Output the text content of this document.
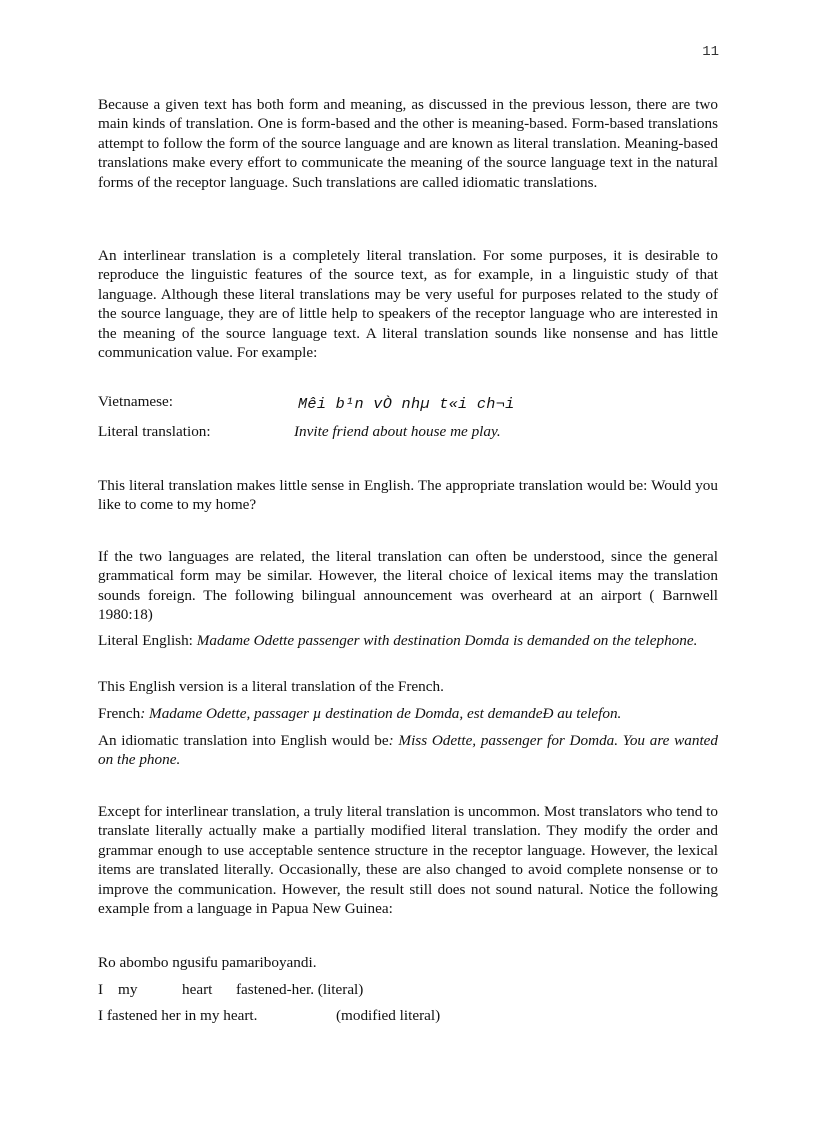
11

Because a given text has both form and meaning, as discussed in the previous lesson, there are two main kinds of translation. One is form-based and the other is meaning-based. Form-based translations attempt to follow the form of the source language and are known as literal translation. Meaning-based translations make every effort to communicate the meaning of the source language text in the natural forms of the receptor language. Such translations are called idiomatic translations.

An interlinear translation is a completely literal translation. For some purposes, it is desirable to reproduce the linguistic features of the source text, as for example, in a linguistic study of that language. Although these literal translations may be very useful for purposes related to the study of the source language, they are of little help to speakers of the receptor language who are interested in the meaning of the source language text. A literal translation sounds like nonsense and has little communication value. For example:

Vietnamese:	Mêi b¹n vÒ nhµ t«i ch¬i
Literal translation:	Invite friend about house me play.

This literal translation makes little sense in English. The appropriate translation would be: Would you like to come to my home?

If the two languages are related, the literal translation can often be understood, since the general grammatical form may be similar. However, the literal choice of lexical items may the translation sounds foreign. The following bilingual announcement was overheard at an airport ( Barnwell 1980:18)

Literal English: Madame Odette passenger with destination Domda is demanded on the telephone.

This English version is a literal translation of the French.

French: Madame Odette, passager µ destination de Domda, est demandeÐ au telefon.

An idiomatic translation into English would be: Miss Odette, passenger for Domda. You are wanted on the phone.

Except for interlinear translation, a truly literal translation is uncommon. Most translators who tend to translate literally actually make a partially modified literal translation. They modify the order and grammar enough to use acceptable sentence structure in the receptor language. However, the lexical items are translated literally. Occasionally, these are also changed to avoid complete nonsense or to improve the communication. However, the result still does not sound natural. Notice the following example from a language in Papua New Guinea:

Ro abombo ngusifu pamariboyandi.
I my	heart fastened-her. (literal)
I fastened her in my heart.	(modified literal)
